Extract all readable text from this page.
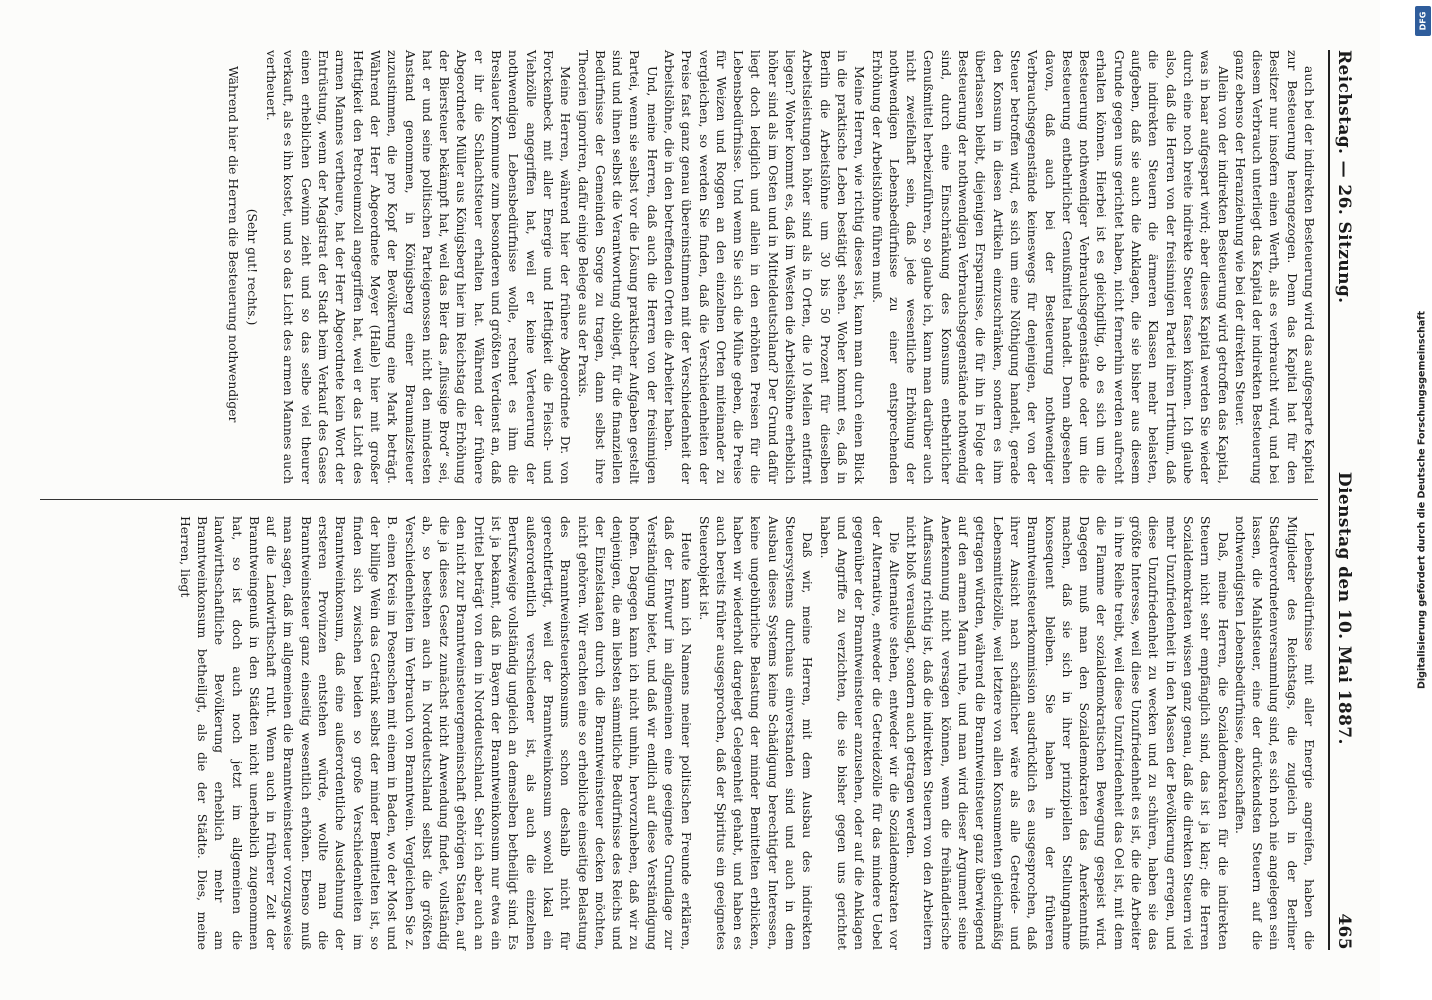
Reichstag. — 26. Sitzung.
Dienstag den 10. Mai 1887.
465

auch bei der indirekten Besteuerung wird das aufgesparte Kapital zur Besteuerung herangezogen. Denn das Kapital hat für den Besitzer nur insofern einen Werth, als es verbraucht wird, und bei diesem Verbrauch unterliegt das Kapital der indirekten Besteuerung ganz ebenso der Heranziehung wie bei der direkten Steuer.

Allein von der indirekten Besteuerung wird getroffen das Kapital, was in baar aufgespart wird; aber dieses Kapital werden Sie wieder durch eine noch breite indirekte Steuer fassen können. Ich glaube also, daß die Herren von der freisinnigen Partei ihren Irrthum, daß die indirekten Steuern die ärmeren Klassen mehr belasten, aufgeben, daß sie auch die Anklagen, die sie bisher aus diesem Grunde gegen uns gerichtet haben, nicht fernerhin werden aufrecht erhalten können. Hierbei ist es gleichgiltig, ob es sich um die Besteuerung nothwendiger Verbrauchsgegenstände oder um die Besteuerung entbehrlicher Genußmittel handelt. Denn abgesehen davon, daß auch bei der Besteuerung nothwendiger Verbrauchsgegenstände keineswegs für denjenigen, der von der Steuer betroffen wird, es sich um eine Nöthigung handelt, gerade den Konsum in diesen Artikeln einzuschränken, sondern es ihm überlassen bleibt, diejenigen Ersparnisse, die für ihn in Folge der Besteuerung der nothwendigen Verbrauchsgegenstände nothwendig sind, durch eine Einschränkung des Konsums entbehrlicher Genußmittel herbeizuführen, so glaube ich, kann man darüber auch nicht zweifelhaft sein, daß jede wesentliche Erhöhung der nothwendigen Lebensbedürfnisse zu einer entsprechenden Erhöhung der Arbeitslöhne führen muß.

Meine Herren, wie richtig dieses ist, kann man durch einen Blick in die praktische Leben bestätigt sehen. Woher kommt es, daß in Berlin die Arbeitslöhne um 30 bis 50 Prozent für dieselben Arbeitsleistungen höher sind als in Orten, die 10 Meilen entfernt liegen? Woher kommt es, daß im Westen die Arbeitslöhne erheblich höher sind als im Osten und in Mitteldeutschland? Der Grund dafür liegt doch lediglich und allein in den erhöhten Preisen für die Lebensbedürfnisse. Und wenn Sie sich die Mühe geben, die Preise für Weizen und Roggen an den einzelnen Orten miteinander zu vergleichen, so werden Sie finden, daß die Verschiedenheiten der Preise fast ganz genau übereinstimmen mit der Verschiedenheit der Arbeitslöhne, die in den betreffenden Orten die Arbeiter haben.

Und, meine Herren, daß auch die Herren von der freisinnigen Partei, wenn sie selbst vor die Lösung praktischer Aufgaben gestellt sind und ihnen selbst die Verantwortung obliegt, für die finanziellen Bedürfnisse der Gemeinden Sorge zu tragen, dann selbst ihre Theorien ignoriren, dafür einige Belege aus der Praxis.

Meine Herren, während hier der frühere Abgeordnete Dr. von Forckenbeck mit aller Energie und Heftigkeit die Fleisch- und Viehzölle angegriffen hat, weil er keine Verteuerung der nothwendigen Lebensbedürfnisse wolle, rechnet es ihm die Breslauer Kommune zum besonderen und größten Verdienst an, daß er ihr die Schlachtsteuer erhalten hat. Während der frühere Abgeordnete Müller aus Königsberg hier im Reichstag die Erhöhung der Biersteuer bekämpft hat, weil das Bier das „flüssige Brod“ sei, hat er und seine politischen Parteigenossen nicht den mindesten Anstand genommen, in Königsberg einer Braumalzsteuer zuzustimmen, die pro Kopf der Bevölkerung eine Mark beträgt. Während der Herr Abgeordnete Meyer (Halle) hier mit großer Heftigkeit den Petroleumzoll angegriffen hat, weil er das Licht des armen Mannes vertheure, hat der Herr Abgeordnete kein Wort der Entrüstung, wenn der Magistrat der Stadt beim Verkauf des Gases einen erheblichen Gewinn zieht und so das selbe viel theurer verkauft, als es ihn kostet, und so das Licht des armen Mannes auch vertheuert.

(Sehr gut! rechts.)

Während hier die Herren die Besteuerung nothwendiger

Lebensbedürfnisse mit aller Energie angreifen, haben die Mitglieder des Reichstags, die zugleich in der Berliner Stadtverordnetenversammlung sind, es sich noch nie angelegen sein lassen, die Mahlsteuer, eine der drückendsten Steuern auf die nothwendigsten Lebensbedürfnisse, abzuschaffen.

Daß, meine Herren, die Sozialdemokraten für die indirekten Steuern nicht sehr empfänglich sind, das ist ja klar; die Herren Sozialdemokraten wissen ganz genau, daß die direkten Steuern viel mehr Unzufriedenheit in den Massen der Bevölkerung erregen, und diese Unzufriedenheit zu wecken und zu schüren, haben sie das größte Interesse, weil diese Unzufriedenheit es ist, die die Arbeiter in ihre Reihe treibt, weil diese Unzufriedenheit das Oel ist, mit dem die Flamme der sozialdemokratischen Bewegung gespeist wird. Dagegen muß man den Sozialdemokraten das Anerkenntniß machen, daß sie sich in ihrer prinzipiellen Stellungnahme konsequent bleiben. Sie haben in der früheren Branntweinsteuerkommission ausdrücklich es ausgesprochen, daß ihrer Ansicht nach schädlicher wäre als alle Getreide- und Lebensmittelzölle, weil letztere von allen Konsumenten gleichmäßig getragen würden, während die Branntweinsteuer ganz überwiegend auf den armen Mann ruhe, und man wird dieser Argument seine Anerkennung nicht versagen können, wenn die freihändlerische Auffassung richtig ist, daß die indirekten Steuern von den Arbeitern nicht bloß verauslagt, sondern auch getragen werden.

Die Alternative stehen, entweder wir die Sozialdemokraten vor der Alternative, entweder die Getreidezölle für das mindere Uebel gegenüber der Branntweinsteuer anzusehen, oder auf die Anklagen und Angriffe zu verzichten, die sie bisher gegen uns gerichtet haben.

Daß wir, meine Herren, mit dem Ausbau des indirekten Steuersystems durchaus einverstanden sind und auch in dem Ausbau dieses Systems keine Schädigung berechtigter Interessen, keine ungebührliche Belastung der minder Bemittelten erblicken, haben wir wiederholt dargelegt Gelegenheit gehabt, und haben es auch bereits früher ausgesprochen, daß der Spiritus ein geeignetes Steuerobjekt ist.

Heute kann ich Namens meiner politischen Freunde erklären, daß der Entwurf im allgemeinen eine geeignete Grundlage zur Verständigung bietet, und daß wir endlich auf diese Verständigung hoffen. Dagegen kann ich nicht umhin, hervorzuheben, daß wir zu denjenigen, die am liebsten sämmtliche Bedürfnisse des Reichs und der Einzelstaaten durch die Branntweinsteuer decken möchten, nicht gehören. Wir erachten eine so erhebliche einseitige Belastung des Branntweinsteuerkonsums schon deshalb nicht für gerechtfertigt, weil der Branntweinkonsum sowohl lokal ein außerordentlich verschiedener ist, als auch die einzelnen Berufszweige vollständig ungleich an demselben betheiligt sind. Es ist ja bekannt, daß in Bayern der Branntweinkonsum nur etwa ein Drittel beträgt von dem in Norddeutschland. Sehr ich aber auch an den nicht zur Branntweinsteuergemeinschaft gehörigen Staaten, auf die ja dieses Gesetz zunächst nicht Anwendung findet, vollständig ab, so bestehen auch in Norddeutschland selbst die größten Verschiedenheiten im Verbrauch von Branntwein. Vergleichen Sie z. B. einen Kreis im Posenschen mit einem in Baden, wo der Most und der billige Wein das Getränk selbst der minder Bemittelten ist, so finden sich zwischen beiden so große Verschiedenheiten im Branntweinkonsum, daß eine außerordentliche Ausdehnung der ersteren Provinzen entstehen würde, wollte man die Branntweinsteuer ganz einseitig wesentlich erhöhen. Ebenso muß man sagen, daß im allgemeinen die Branntweinsteuer vorzugsweise auf die Landwirthschaft ruht. Wenn auch in früherer Zeit der Branntweingenuß in den Städten nicht unerheblich zugenommen hat, so ist doch auch noch jetzt im allgemeinen die landwirthschaftliche Bevölkerung erheblich mehr am Branntweinkonsum betheiligt, als die der Städte. Dies, meine Herren, liegt	Digitalisierung gefördert durch die Deutsche Forschungsgemeinschaft
DFG
